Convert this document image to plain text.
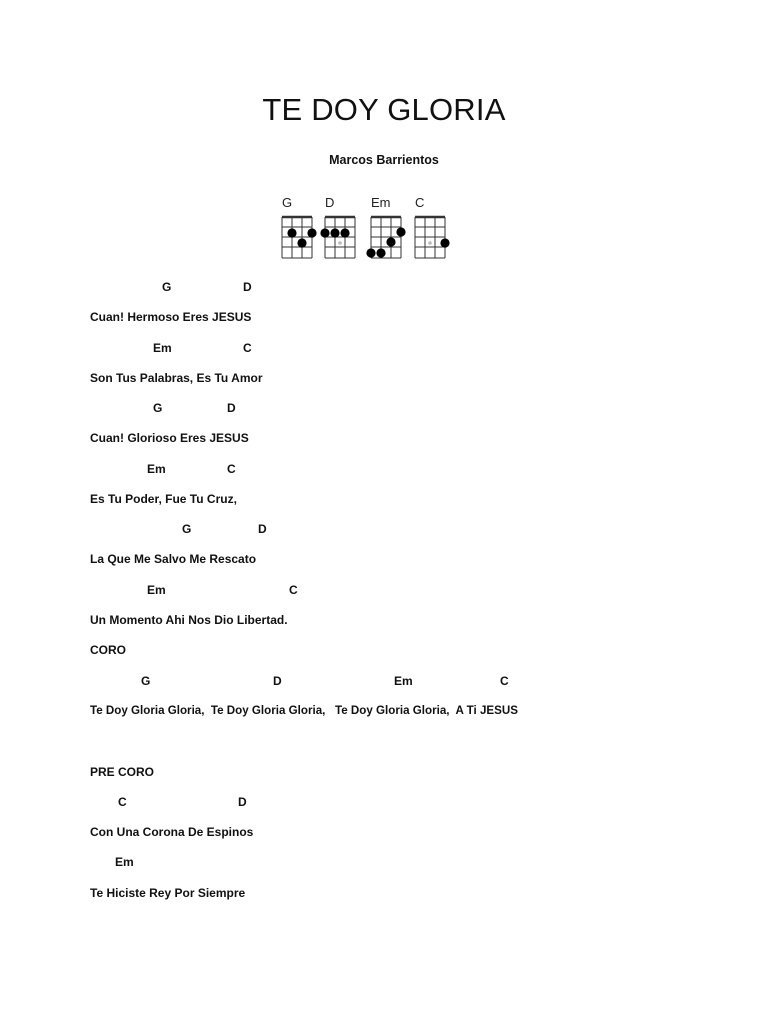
TE DOY GLORIA
Marcos Barrientos
G	D	Em C
G	D
Cuan! Hermoso Eres JESUS
Em	C
Son Tus Palabras, Es Tu Amor
G	D
Cuan! Glorioso Eres JESUS
Em	C
Es Tu Poder, Fue Tu Cruz,
G	D
La Que Me Salvo Me Rescato
Em	C
Un Momento Ahi Nos Dio Libertad.
CORO
G	D	Em	C
Te Doy Gloria Gloria,  Te Doy Gloria Gloria,   Te Doy Gloria Gloria,  A Ti JESUS
PRE CORO
C	D
Con Una Corona De Espinos
Em
Te Hiciste Rey Por Siempre
